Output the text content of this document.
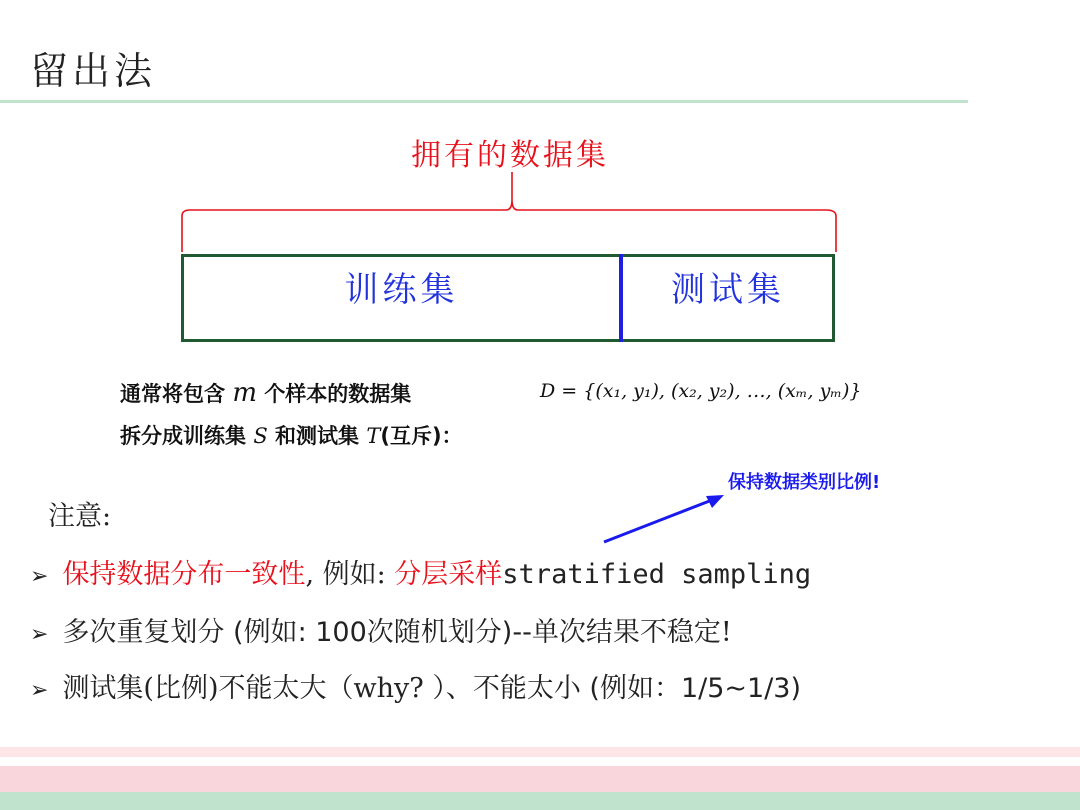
留出法
拥有的数据集
训练集	测试集
通常将包含 m 个样本的数据集	D = {(x₁, y₁), (x₂, y₂), …, (xₘ, yₘ)}
拆分成训练集 S 和测试集 T(互斥)：
保持数据类别比例!
注意:
➢ 保持数据分布一致性, 例如: 分层采样stratified sampling
➢ 多次重复划分 (例如: 100次随机划分)--单次结果不稳定!
➢ 测试集(比例)不能太大（why? ）、不能太小 (例如：1/5~1/3)
